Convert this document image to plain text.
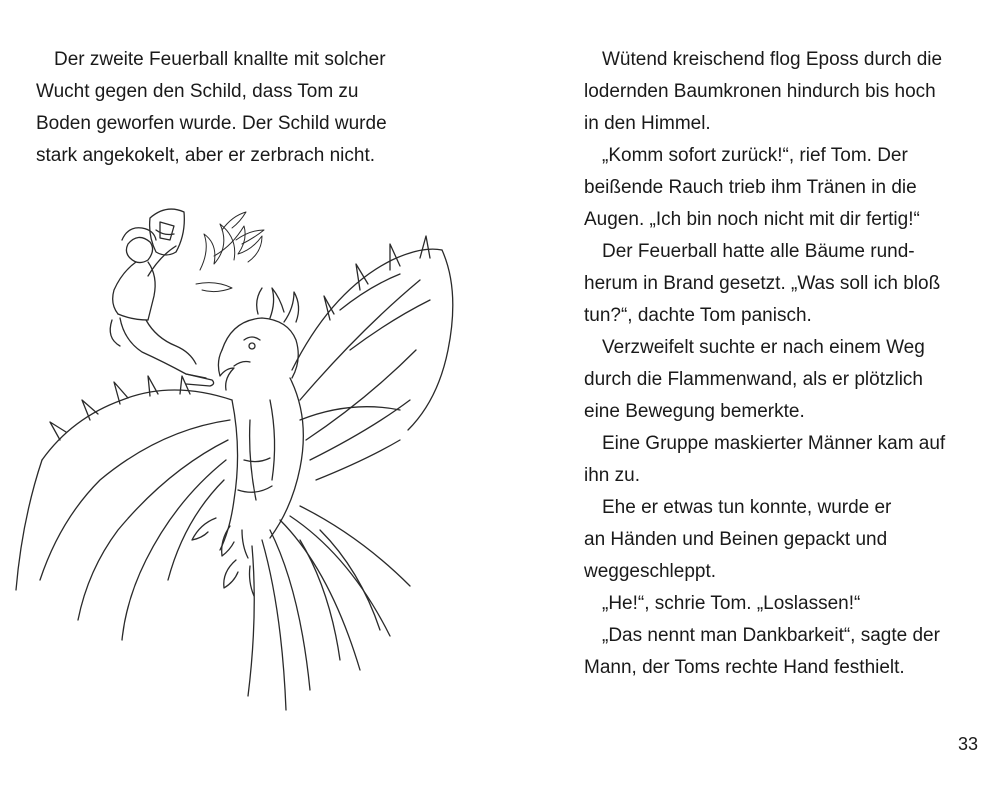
Der zweite Feuerball knallte mit solcher
Wucht gegen den Schild, dass Tom zu
Boden geworfen wurde. Der Schild wurde
stark angekokelt, aber er zerbrach nicht.

Wütend kreischend flog Eposs durch die
lodernden Baumkronen hindurch bis hoch
in den Himmel.

„Komm sofort zurück!“, rief Tom. Der
beißende Rauch trieb ihm Tränen in die
Augen. „Ich bin noch nicht mit dir fertig!“

Der Feuerball hatte alle Bäume rund-
herum in Brand gesetzt. „Was soll ich bloß
tun?“, dachte Tom panisch.

Verzweifelt suchte er nach einem Weg
durch die Flammenwand, als er plötzlich
eine Bewegung bemerkte.

Eine Gruppe maskierter Männer kam auf
ihn zu.

Ehe er etwas tun konnte, wurde er
an Händen und Beinen gepackt und
weggeschleppt.

„He!“, schrie Tom. „Loslassen!“

„Das nennt man Dankbarkeit“, sagte der
Mann, der Toms rechte Hand festhielt.

33
